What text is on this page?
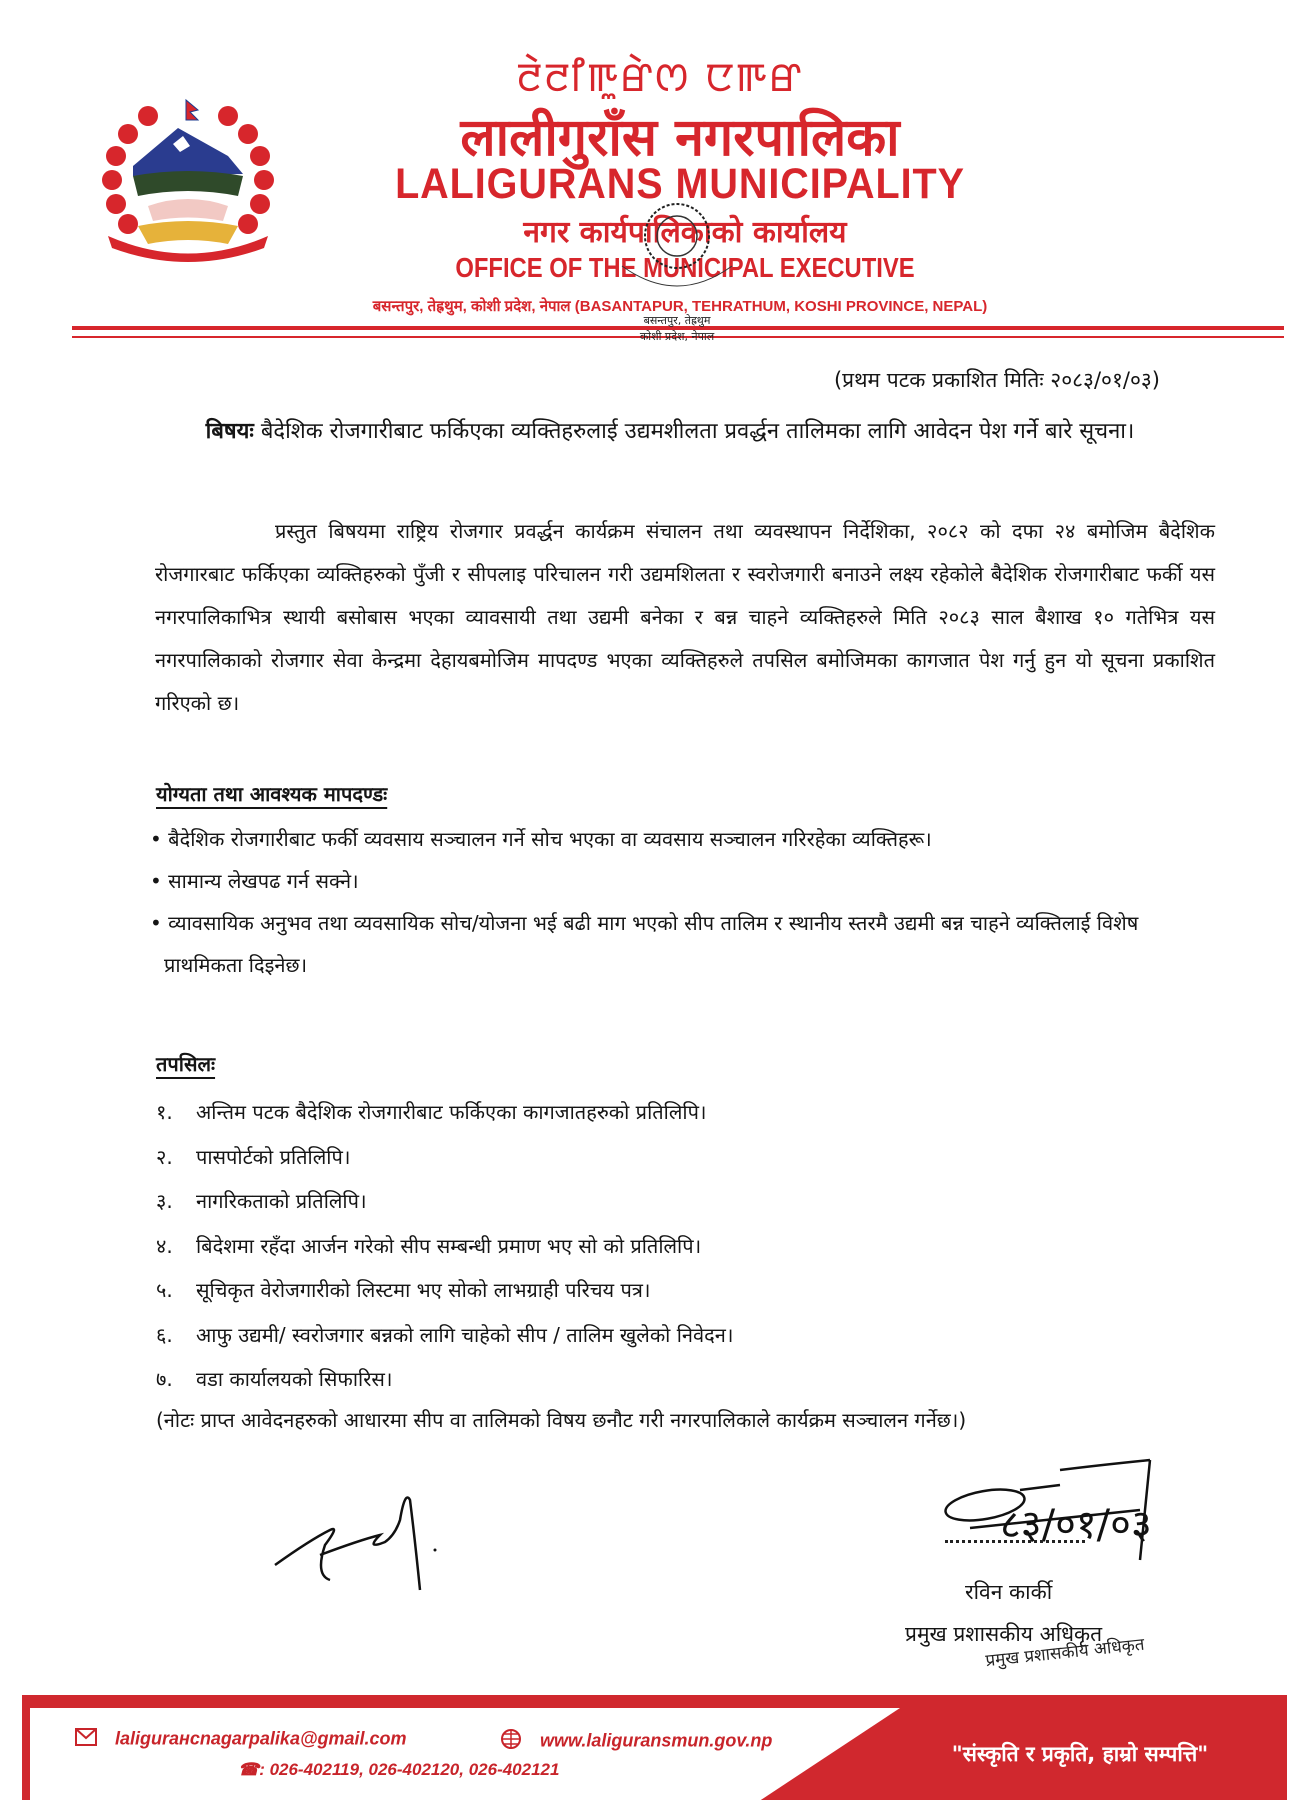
ꯂꯥꯂꯤꯒꯨꯔꯥꯁ ꯅꯒꯔ
लालीगुराँस नगरपालिका
LALIGURANS MUNICIPALITY
नगर कार्यपालिकाको कार्यालय
OFFICE OF THE MUNICIPAL EXECUTIVE
बसन्तपुर, तेह्रथुम, कोशी प्रदेश, नेपाल (BASANTAPUR, TEHRATHUM, KOSHI PROVINCE, NEPAL)
बसन्तपुर, तेह्रथुम
कोशी प्रदेश, नेपाल
(प्रथम पटक प्रकाशित मितिः २०८३/०१/०३)
बिषयः बैदेशिक रोजगारीबाट फर्किएका व्यक्तिहरुलाई उद्यमशीलता प्रवर्द्धन तालिमका लागि आवेदन पेश गर्ने बारे सूचना।
प्रस्तुत बिषयमा राष्ट्रिय रोजगार प्रवर्द्धन कार्यक्रम संचालन तथा व्यवस्थापन निर्देशिका, २०८२ को दफा २४ बमोजिम बैदेशिक रोजगारबाट फर्किएका व्यक्तिहरुको पुँजी र सीपलाइ परिचालन गरी उद्यमशिलता र स्वरोजगारी बनाउने लक्ष्य रहेकोले बैदेशिक रोजगारीबाट फर्की यस नगरपालिकाभित्र स्थायी बसोबास भएका व्यावसायी तथा उद्यमी बनेका र बन्न चाहने व्यक्तिहरुले मिति २०८३ साल बैशाख १० गतेभित्र यस नगरपालिकाको रोजगार सेवा केन्द्रमा देहायबमोजिम मापदण्ड भएका व्यक्तिहरुले तपसिल बमोजिमका कागजात पेश गर्नु हुन यो सूचना प्रकाशित गरिएको छ।
योग्यता तथा आवश्यक मापदण्डः
• बैदेशिक रोजगारीबाट फर्की व्यवसाय सञ्चालन गर्ने सोच भएका वा व्यवसाय सञ्चालन गरिरहेका व्यक्तिहरू।
• सामान्य लेखपढ गर्न सक्ने।
• व्यावसायिक अनुभव तथा व्यवसायिक सोच/योजना भई बढी माग भएको सीप तालिम र स्थानीय स्तरमै उद्यमी बन्न चाहने व्यक्तिलाई विशेष प्राथमिकता दिइनेछ।
तपसिलः
१. अन्तिम पटक बैदेशिक रोजगारीबाट फर्किएका कागजातहरुको प्रतिलिपि।
२. पासपोर्टको प्रतिलिपि।
३. नागरिकताको प्रतिलिपि।
४. बिदेशमा रहँदा आर्जन गरेको सीप सम्बन्धी प्रमाण भए सो को प्रतिलिपि।
५. सूचिकृत वेरोजगारीको लिस्टमा भए सोको लाभग्राही परिचय पत्र।
६. आफु उद्यमी/ स्वरोजगार बन्नको लागि चाहेको सीप / तालिम खुलेको निवेदन।
७. वडा कार्यालयको सिफारिस।
(नोटः प्राप्त आवेदनहरुको आधारमा सीप वा तालिमको विषय छनौट गरी नगरपालिकाले कार्यक्रम सञ्चालन गर्नेछ।)
८३/०१/०३
रविन कार्की
प्रमुख प्रशासकीय अधिकृत
प्रमुख प्रशासकीय अधिकृत
laligurансnagarpalika@gmail.com	www.laliguransmun.gov.np
☎: 026-402119, 026-402120, 026-402121
"संस्कृति र प्रकृति, हाम्रो सम्पत्ति"
